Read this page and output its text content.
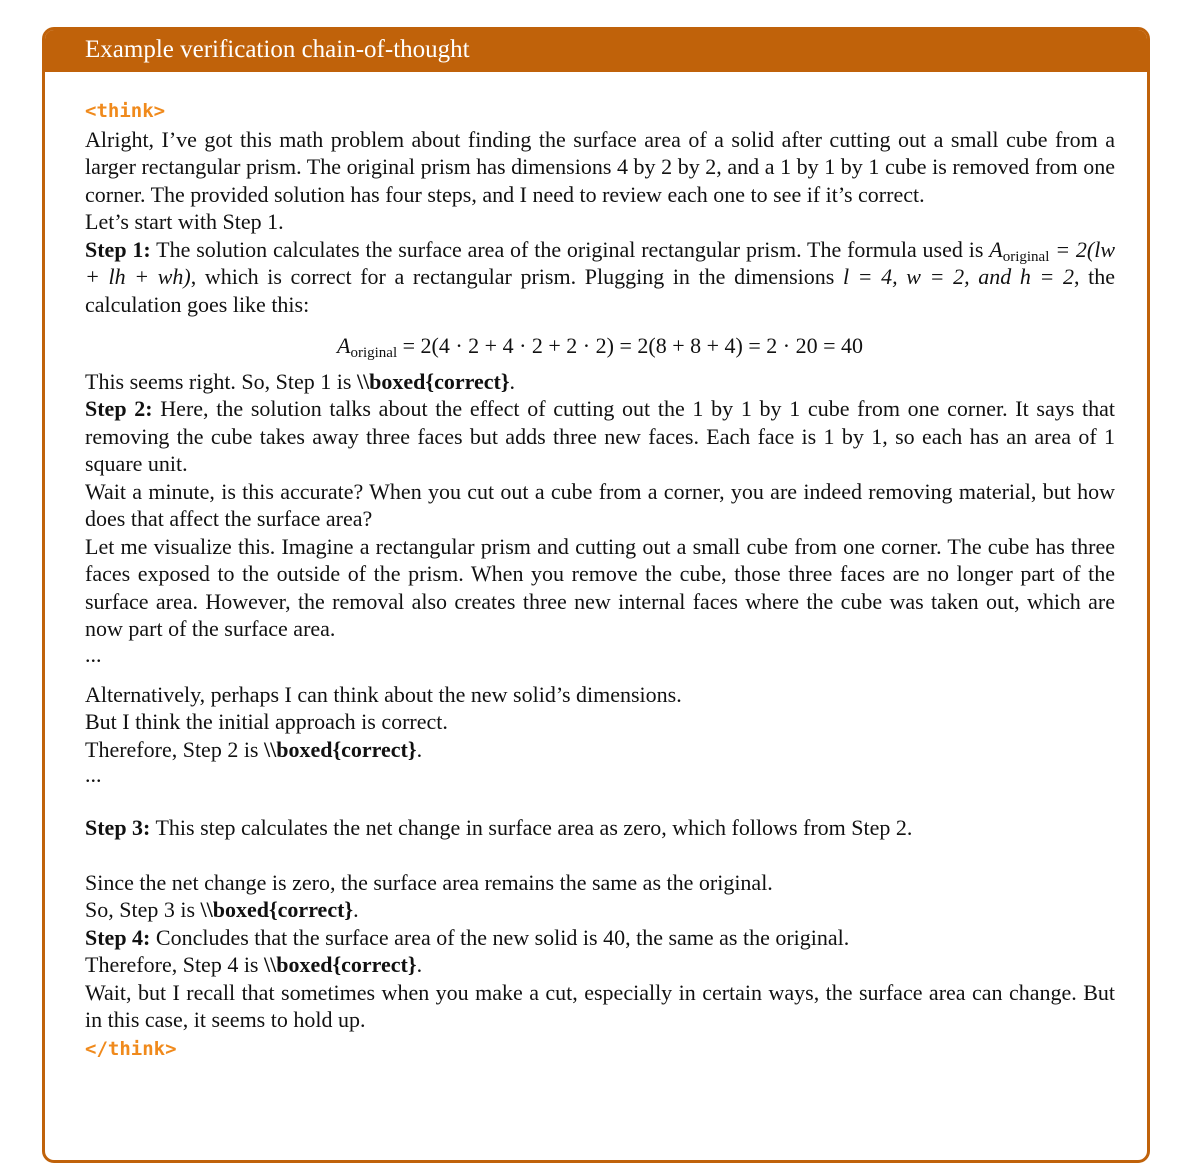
Example verification chain-of-thought

<think>

Alright, I’ve got this math problem about finding the surface area of a solid after cutting out a small cube from a larger rectangular prism. The original prism has dimensions 4 by 2 by 2, and a 1 by 1 by 1 cube is removed from one corner. The provided solution has four steps, and I need to review each one to see if it’s correct.

Let’s start with Step 1.

Step 1: The solution calculates the surface area of the original rectangular prism. The formula used is $A_{original} = 2(lw$ + lh + wh), which is correct for a rectangular prism. Plugging in the dimensions l = 4, w = 2, and h = 2, the calculation goes like this:

$A_{original} = 2(4 \cdot 2 + 4 \cdot 2 + 2 \cdot 2) = 2(8 + 8 + 4) = 2 \cdot 20 = 40$

This seems right. So, Step 1 is \\boxed{correct}.

Step 2: Here, the solution talks about the effect of cutting out the 1 by 1 by 1 cube from one corner. It says that removing the cube takes away three faces but adds three new faces. Each face is 1 by 1, so each has an area of 1 square unit.

Wait a minute, is this accurate? When you cut out a cube from a corner, you are indeed removing material, but how does that affect the surface area?

Let me visualize this. Imagine a rectangular prism and cutting out a small cube from one corner. The cube has three faces exposed to the outside of the prism. When you remove the cube, those three faces are no longer part of the surface area. However, the removal also creates three new internal faces where the cube was taken out, which are now part of the surface area.

...

Alternatively, perhaps I can think about the new solid’s dimensions.

But I think the initial approach is correct.

Therefore, Step 2 is \\boxed{correct}.

...

Step 3: This step calculates the net change in surface area as zero, which follows from Step 2.

Since the net change is zero, the surface area remains the same as the original.

So, Step 3 is \\boxed{correct}.

Step 4: Concludes that the surface area of the new solid is 40, the same as the original.

Therefore, Step 4 is \\boxed{correct}.

Wait, but I recall that sometimes when you make a cut, especially in certain ways, the surface area can change. But in this case, it seems to hold up.

</think>
